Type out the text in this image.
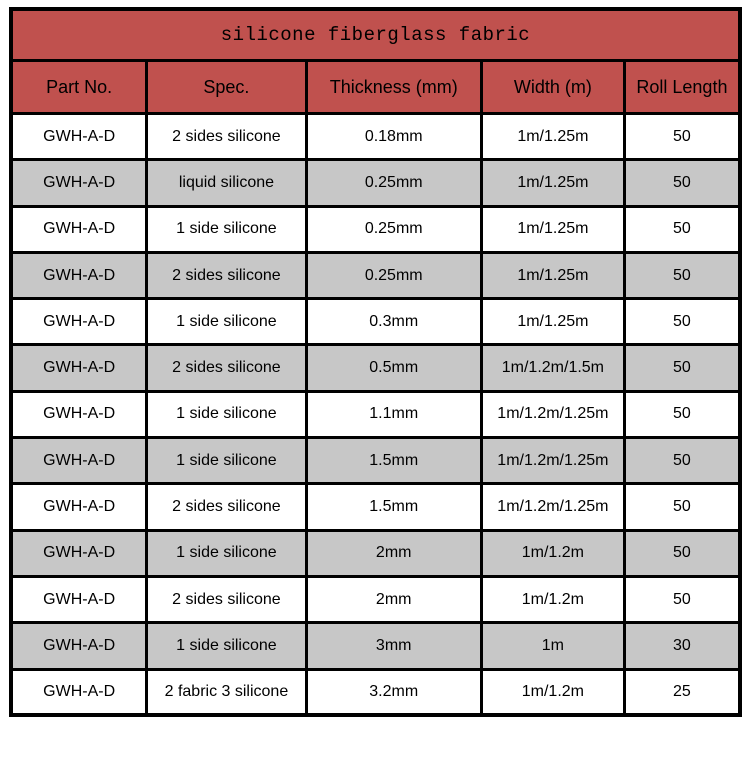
silicone fiberglass fabric				
Part No.	Spec.	Thickness (mm)	Width (m)	Roll Length
GWH-A-D	2 sides silicone	0.18mm	1m/1.25m	50
GWH-A-D	liquid silicone	0.25mm	1m/1.25m	50
GWH-A-D	1 side silicone	0.25mm	1m/1.25m	50
GWH-A-D	2 sides silicone	0.25mm	1m/1.25m	50
GWH-A-D	1 side silicone	0.3mm	1m/1.25m	50
GWH-A-D	2 sides silicone	0.5mm	1m/1.2m/1.5m	50
GWH-A-D	1 side silicone	1.1mm	1m/1.2m/1.25m	50
GWH-A-D	1 side silicone	1.5mm	1m/1.2m/1.25m	50
GWH-A-D	2 sides silicone	1.5mm	1m/1.2m/1.25m	50
GWH-A-D	1 side silicone	2mm	1m/1.2m	50
GWH-A-D	2 sides silicone	2mm	1m/1.2m	50
GWH-A-D	1 side silicone	3mm	1m	30
GWH-A-D	2 fabric 3 silicone	3.2mm	1m/1.2m	25
